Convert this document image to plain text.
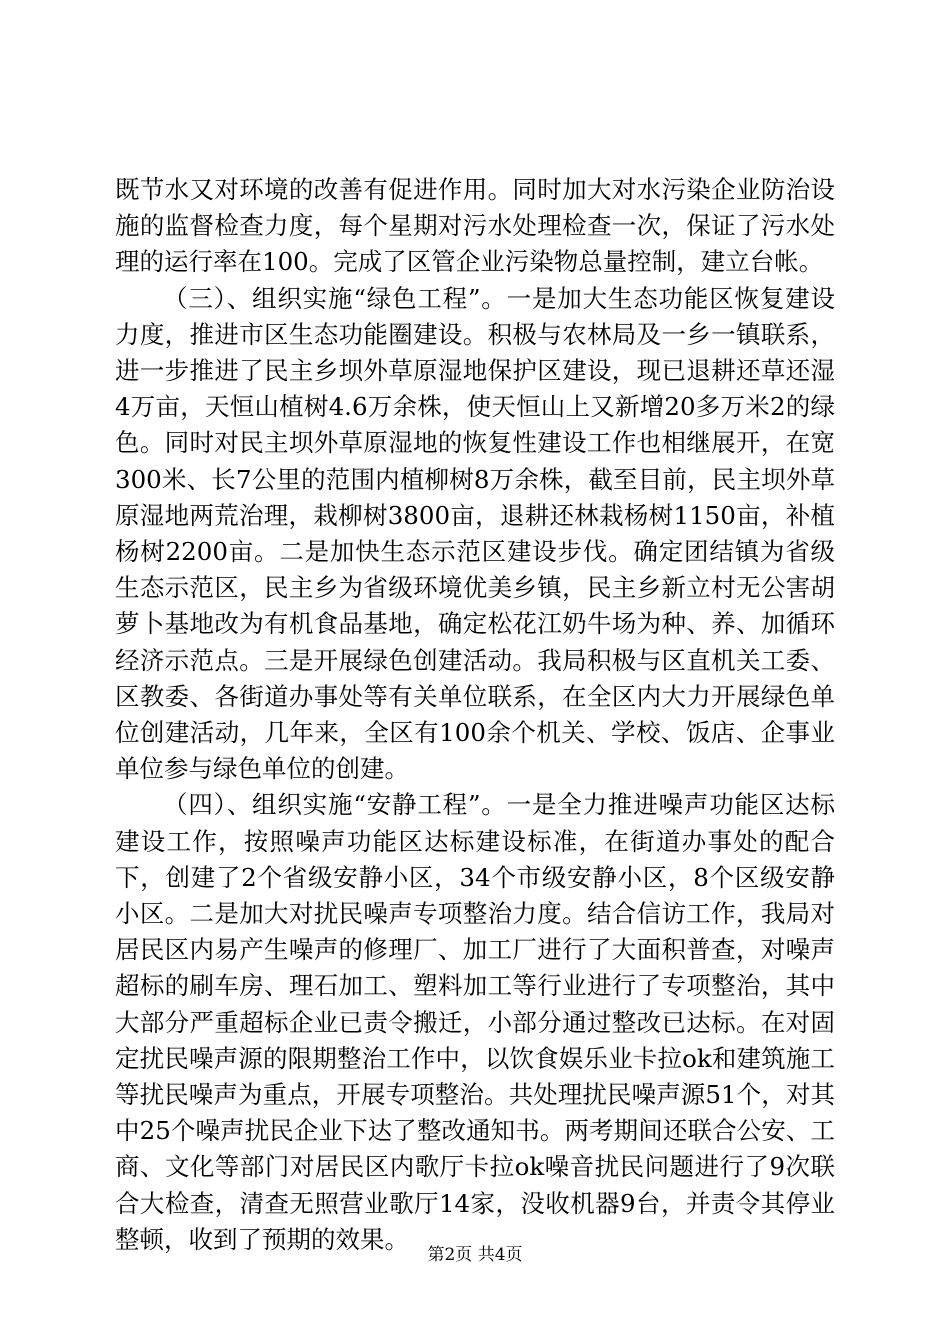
既节水又对环境的改善有促进作用。同时加大对水污染企业防治设施的监督检查力度，每个星期对污水处理检查一次，保证了污水处理的运行率在100。完成了区管企业污染物总量控制，建立台帐。

（三）、组织实施“绿色工程”。一是加大生态功能区恢复建设力度，推进市区生态功能圈建设。积极与农林局及一乡一镇联系，进一步推进了民主乡坝外草原湿地保护区建设，现已退耕还草还湿4万亩，天恒山植树4.6万余株，使天恒山上又新增20多万米2的绿色。同时对民主坝外草原湿地的恢复性建设工作也相继展开，在宽300米、长7公里的范围内植柳树8万余株，截至目前，民主坝外草原湿地两荒治理，栽柳树3800亩，退耕还林栽杨树1150亩，补植杨树2200亩。二是加快生态示范区建设步伐。确定团结镇为省级生态示范区，民主乡为省级环境优美乡镇，民主乡新立村无公害胡萝卜基地改为有机食品基地，确定松花江奶牛场为种、养、加循环经济示范点。三是开展绿色创建活动。我局积极与区直机关工委、区教委、各街道办事处等有关单位联系，在全区内大力开展绿色单位创建活动，几年来，全区有100余个机关、学校、饭店、企事业单位参与绿色单位的创建。

（四）、组织实施“安静工程”。一是全力推进噪声功能区达标建设工作，按照噪声功能区达标建设标准，在街道办事处的配合下，创建了2个省级安静小区，34个市级安静小区，8个区级安静小区。二是加大对扰民噪声专项整治力度。结合信访工作，我局对居民区内易产生噪声的修理厂、加工厂进行了大面积普查，对噪声超标的刷车房、理石加工、塑料加工等行业进行了专项整治，其中大部分严重超标企业已责令搬迁，小部分通过整改已达标。在对固定扰民噪声源的限期整治工作中，以饮食娱乐业卡拉ok和建筑施工等扰民噪声为重点，开展专项整治。共处理扰民噪声源51个，对其中25个噪声扰民企业下达了整改通知书。两考期间还联合公安、工商、文化等部门对居民区内歌厅卡拉ok噪音扰民问题进行了9次联合大检查，清查无照营业歌厅14家，没收机器9台，并责令其停业整顿，收到了预期的效果。

第2页 共4页
